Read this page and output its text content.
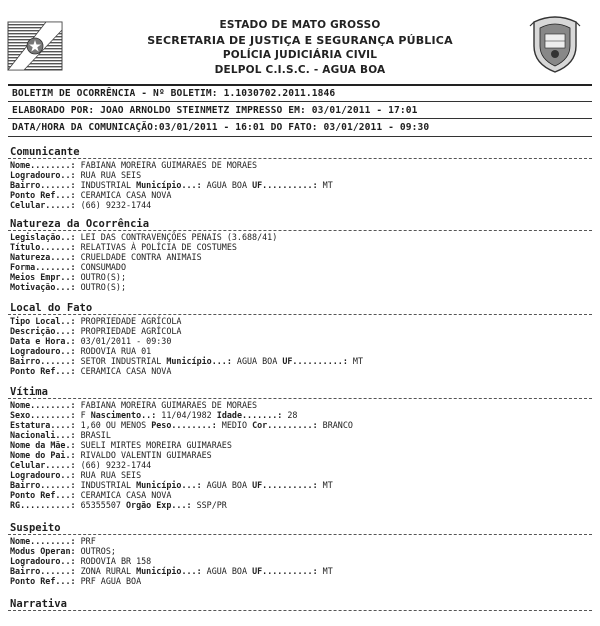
ESTADO DE MATO GROSSO
SECRETARIA DE JUSTIÇA E SEGURANÇA PÚBLICA
POLÍCIA JUDICIÁRIA CIVIL
DELPOL C.I.S.C. - AGUA BOA
BOLETIM DE OCORRÊNCIA - Nº BOLETIM: 1.1030702.2011.1846
ELABORADO POR: JOAO ARNOLDO STEINMETZ IMPRESSO EM: 03/01/2011 - 17:01
DATA/HORA DA COMUNICAÇÃO:03/01/2011 - 16:01 DO FATO: 03/01/2011 - 09:30
Comunicante
Nome........: FABIANA MOREIRA GUIMARAES DE MORAES
Logradouro..: RUA RUA SEIS
Bairro......: INDUSTRIAL Município...: AGUA BOA UF..........: MT
Ponto Ref...: CERAMICA CASA NOVA
Celular.....: (66) 9232-1744
Natureza da Ocorrência
Legislação..: LEI DAS CONTRAVENÇÕES PENAIS (3.688/41)
Título......: RELATIVAS À POLÍCIA DE COSTUMES
Natureza....: CRUELDADE CONTRA ANIMAIS
Forma.......: CONSUMADO
Meios Empr..: OUTRO(S);
Motivação...: OUTRO(S);
Local do Fato
Tipo Local..: PROPRIEDADE AGRÍCOLA
Descrição...: PROPRIEDADE AGRÍCOLA
Data e Hora.: 03/01/2011 - 09:30
Logradouro..: RODOVIA RUA 01
Bairro......: SETOR INDUSTRIAL Município...: AGUA BOA UF..........: MT
Ponto Ref...: CERAMICA CASA NOVA
Vítima
Nome........: FABIANA MOREIRA GUIMARAES DE MORAES
Sexo........: F Nascimento..: 11/04/1982 Idade.......: 28
Estatura....: 1,60 OU MENOS Peso........: MEDIO Cor.........: BRANCO
Nacionali...: BRASIL
Nome da Mãe.: SUELI MIRTES MOREIRA GUIMARAES
Nome do Pai.: RIVALDO VALENTIN GUIMARAES
Celular.....: (66) 9232-1744
Logradouro..: RUA RUA SEIS
Bairro......: INDUSTRIAL Município...: AGUA BOA UF..........: MT
Ponto Ref...: CERAMICA CASA NOVA
RG..........: 65355507 Orgão Exp...: SSP/PR
Suspeito
Nome........: PRF
Modus Operan: OUTROS;
Logradouro..: RODOVIA BR 158
Bairro......: ZONA RURAL Município...: AGUA BOA UF..........: MT
Ponto Ref...: PRF AGUA BOA
Narrativa
